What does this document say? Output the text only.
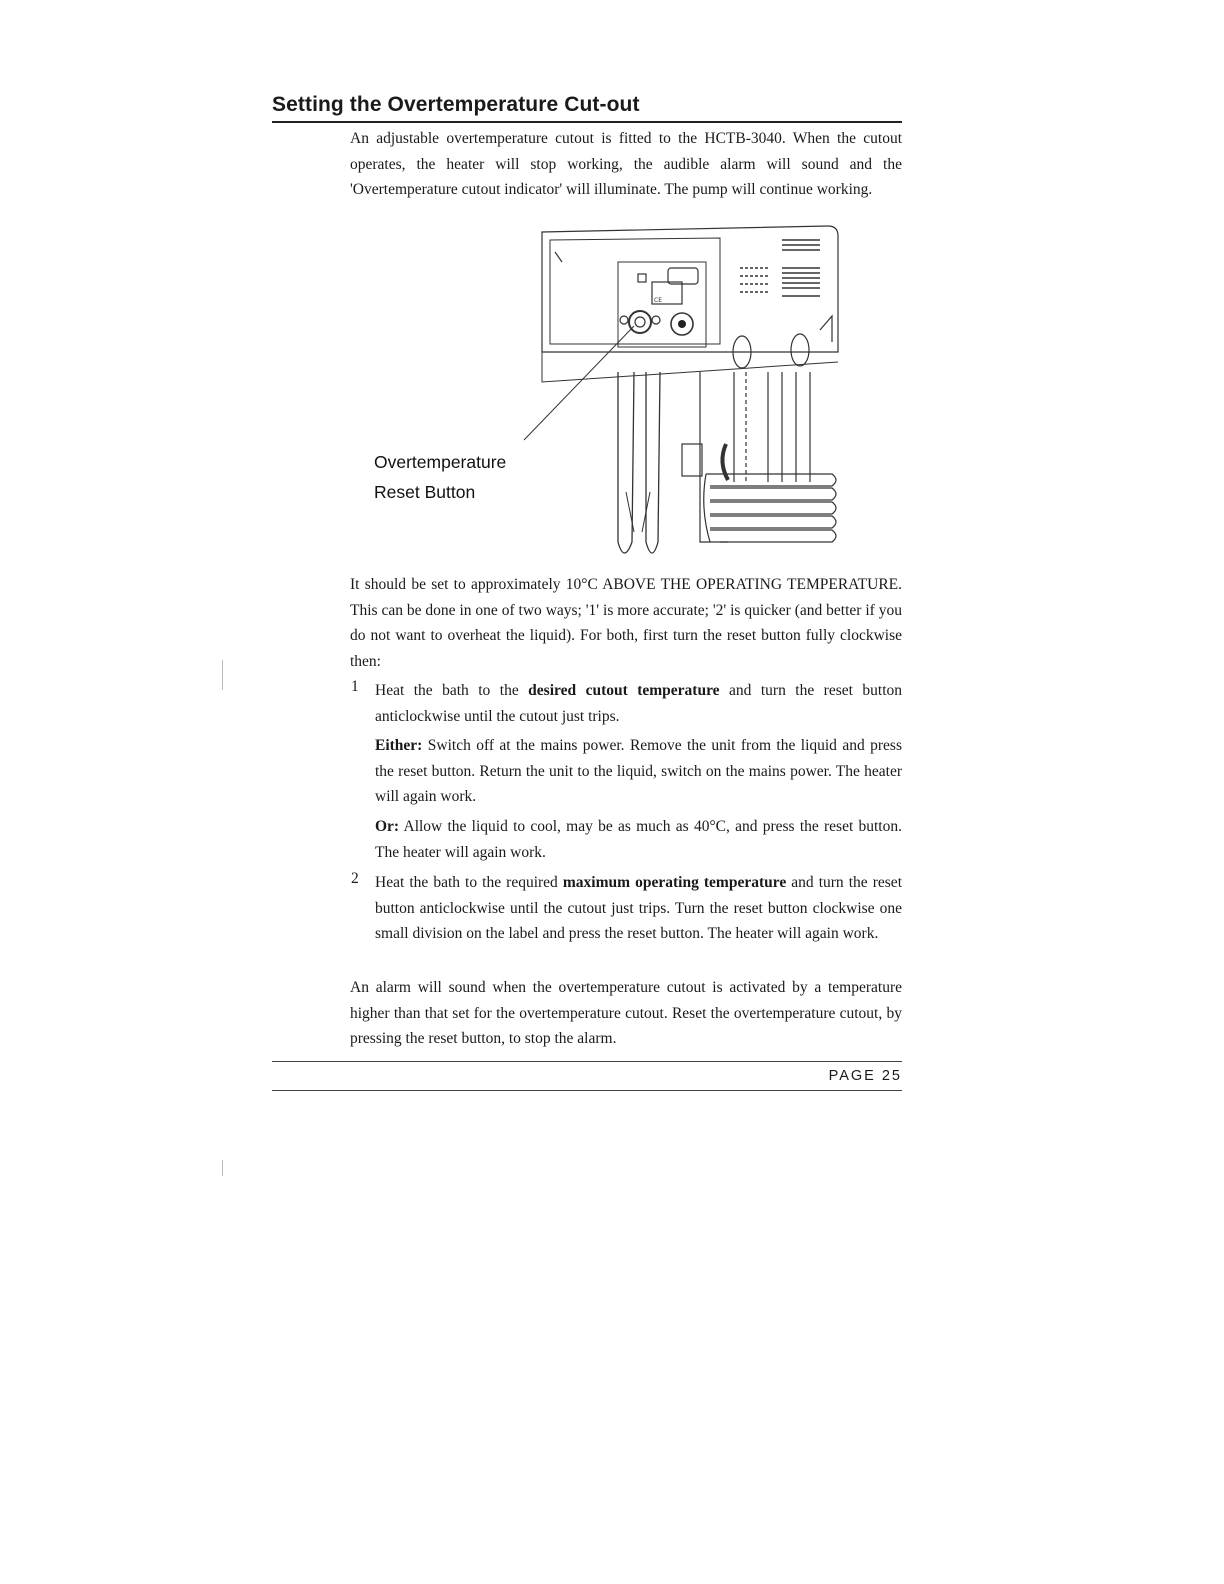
Setting the Overtemperature Cut-out

An adjustable overtemperature cutout is fitted to the HCTB-3040. When the cutout operates, the heater will stop working, the audible alarm will sound and the 'Overtemperature cutout indicator' will illuminate. The pump will continue working.

CE
Overtemperature
Reset Button

It should be set to approximately 10°C ABOVE THE OPERATING TEMPERATURE. This can be done in one of two ways; '1' is more accurate; '2' is quicker (and better if you do not want to overheat the liquid). For both, first turn the reset button fully clockwise then:

1 Heat the bath to the desired cutout temperature and turn the reset button anticlockwise until the cutout just trips.

Either: Switch off at the mains power. Remove the unit from the liquid and press the reset button. Return the unit to the liquid, switch on the mains power. The heater will again work.

Or: Allow the liquid to cool, may be as much as 40°C, and press the reset button. The heater will again work.

2 Heat the bath to the required maximum operating temperature and turn the reset button anticlockwise until the cutout just trips. Turn the reset button clockwise one small division on the label and press the reset button. The heater will again work.

An alarm will sound when the overtemperature cutout is activated by a temperature higher than that set for the overtemperature cutout. Reset the overtemperature cutout, by pressing the reset button, to stop the alarm.

PAGE 25
